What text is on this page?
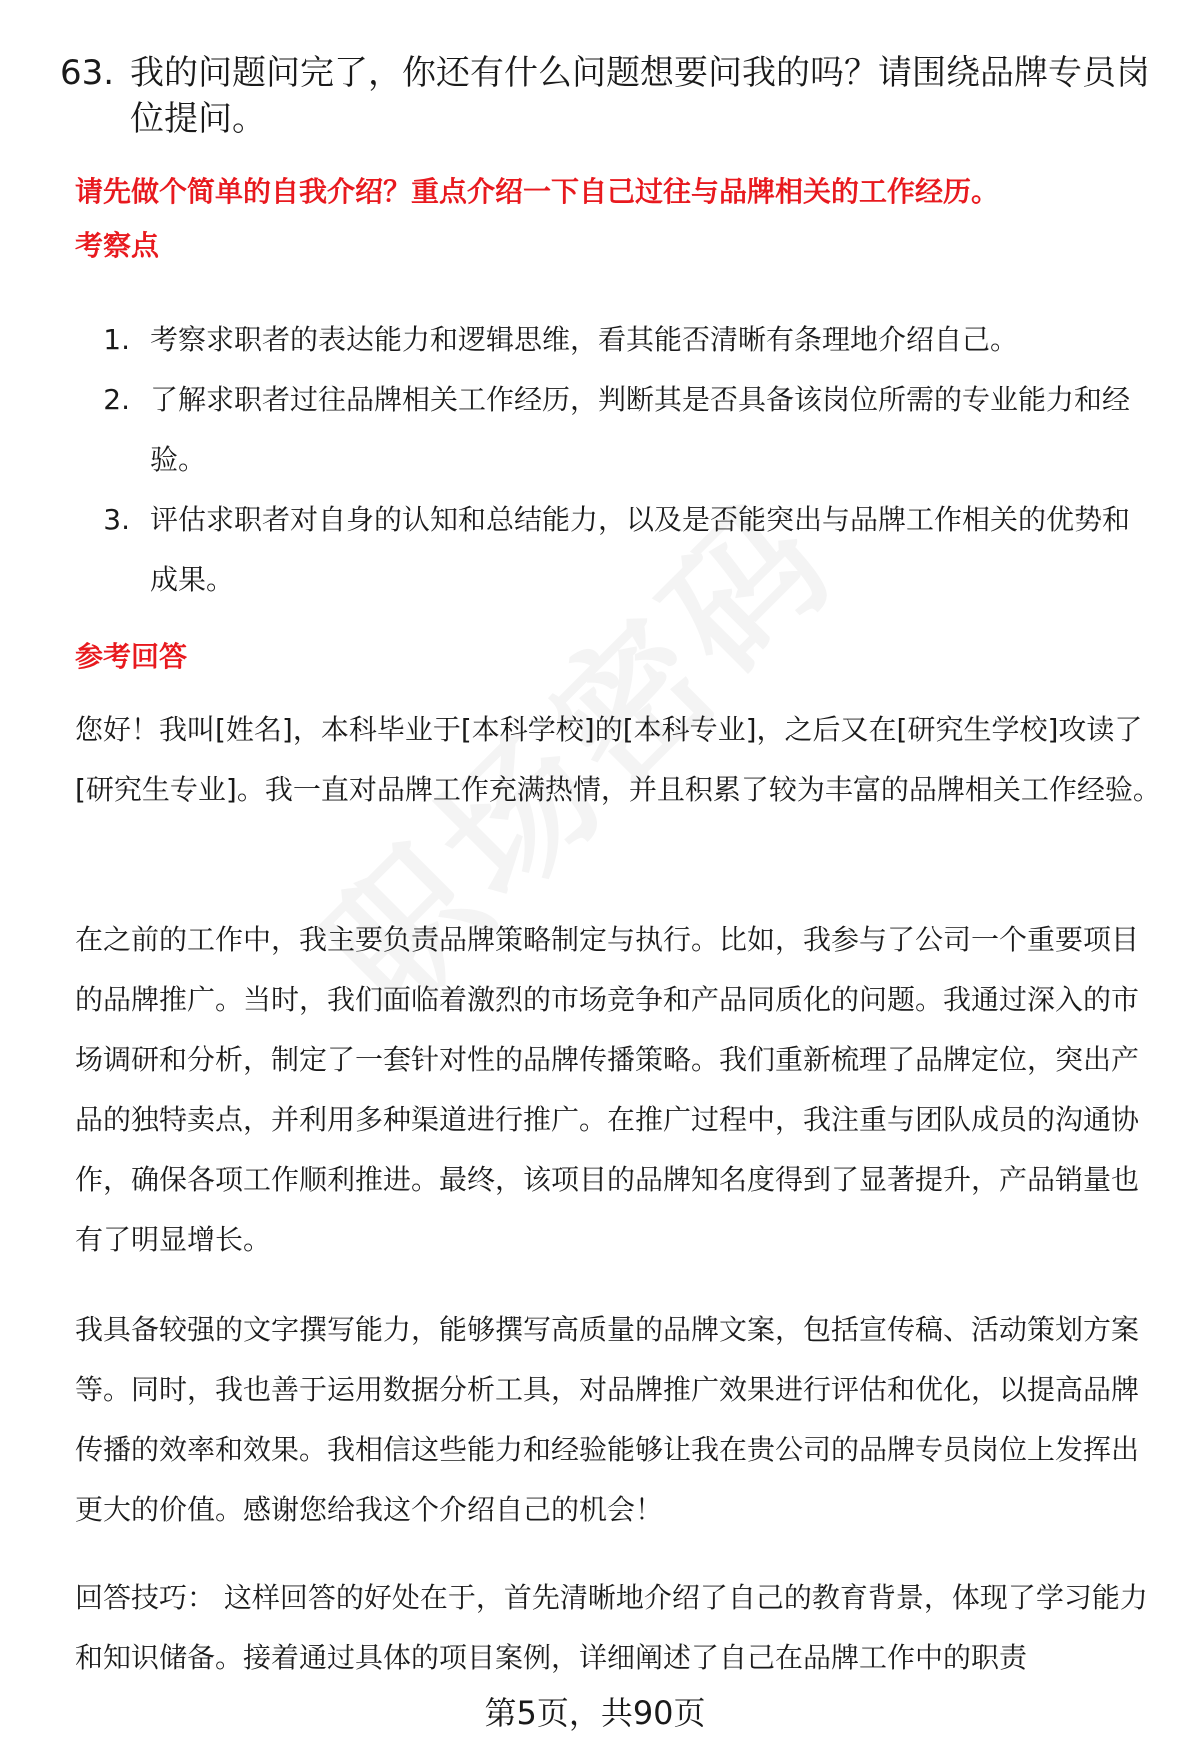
63. 我的问题问完了，你还有什么问题想要问我的吗？请围绕品牌专员岗位提问。
请先做个简单的自我介绍？重点介绍一下自己过往与品牌相关的工作经历。
考察点
1. 考察求职者的表达能力和逻辑思维，看其能否清晰有条理地介绍自己。
2. 了解求职者过往品牌相关工作经历，判断其是否具备该岗位所需的专业能力和经验。
3. 评估求职者对自身的认知和总结能力，以及是否能突出与品牌工作相关的优势和成果。
参考回答

您好！我叫[姓名]，本科毕业于[本科学校]的[本科专业]，之后又在[研究生学校]攻读了[研究生专业]。我一直对品牌工作充满热情，并且积累了较为丰富的品牌相关工作经验。

在之前的工作中，我主要负责品牌策略制定与执行。比如，我参与了公司一个重要项目的品牌推广。当时，我们面临着激烈的市场竞争和产品同质化的问题。我通过深入的市场调研和分析，制定了一套针对性的品牌传播策略。我们重新梳理了品牌定位，突出产品的独特卖点，并利用多种渠道进行推广。在推广过程中，我注重与团队成员的沟通协作，确保各项工作顺利推进。最终，该项目的品牌知名度得到了显著提升，产品销量也有了明显增长。

我具备较强的文字撰写能力，能够撰写高质量的品牌文案，包括宣传稿、活动策划方案等。同时，我也善于运用数据分析工具，对品牌推广效果进行评估和优化，以提高品牌传播的效率和效果。我相信这些能力和经验能够让我在贵公司的品牌专员岗位上发挥出更大的价值。感谢您给我这个介绍自己的机会！

回答技巧： 这样回答的好处在于，首先清晰地介绍了自己的教育背景，体现了学习能力和知识储备。接着通过具体的项目案例，详细阐述了自己在品牌工作中的职责

第5页，共90页
